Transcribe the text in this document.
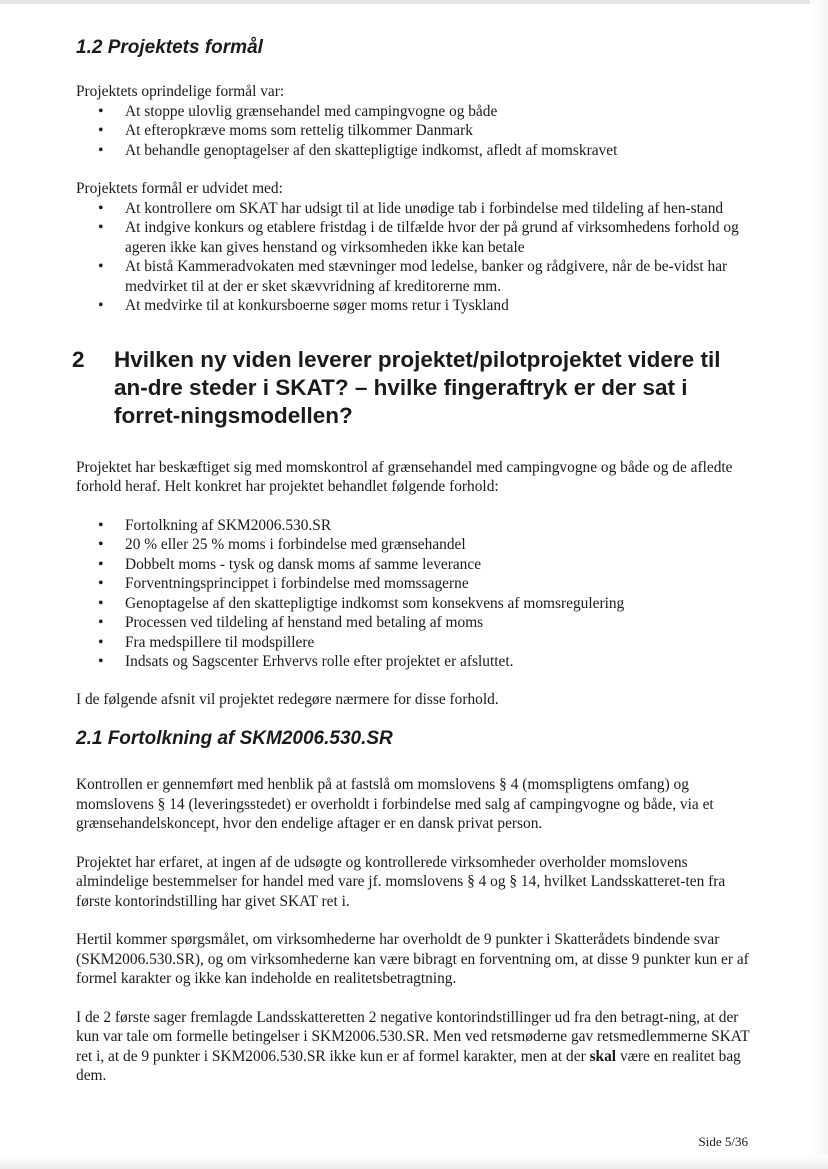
1.2 Projektets formål

Projektets oprindelige formål var:

• At stoppe ulovlig grænsehandel med campingvogne og både
• At efteropkræve moms som rettelig tilkommer Danmark
• At behandle genoptagelser af den skattepligtige indkomst, afledt af momskravet

Projektets formål er udvidet med:

• At kontrollere om SKAT har udsigt til at lide unødige tab i forbindelse med tildeling af hen-stand
• At indgive konkurs og etablere fristdag i de tilfælde hvor der på grund af virksomhedens forhold og ageren ikke kan gives henstand og virksomheden ikke kan betale
• At bistå Kammeradvokaten med stævninger mod ledelse, banker og rådgivere, når de be-vidst har medvirket til at der er sket skævvridning af kreditorerne mm.
• At medvirke til at konkursboerne søger moms retur i Tyskland
2	Hvilken ny viden leverer projektet/pilotprojektet videre til an-dre steder i SKAT? – hvilke fingeraftryk er der sat i forret-ningsmodellen?

Projektet har beskæftiget sig med momskontrol af grænsehandel med campingvogne og både og de afledte forhold heraf. Helt konkret har projektet behandlet følgende forhold:

• Fortolkning af SKM2006.530.SR
• 20 % eller 25 % moms i forbindelse med grænsehandel
• Dobbelt moms - tysk og dansk moms af samme leverance
• Forventningsprincippet i forbindelse med momssagerne
• Genoptagelse af den skattepligtige indkomst som konsekvens af momsregulering
• Processen ved tildeling af henstand med betaling af moms
• Fra medspillere til modspillere
• Indsats og Sagscenter Erhvervs rolle efter projektet er afsluttet.

I de følgende afsnit vil projektet redegøre nærmere for disse forhold.

2.1 Fortolkning af SKM2006.530.SR

Kontrollen er gennemført med henblik på at fastslå om momslovens § 4 (momspligtens omfang) og momslovens § 14 (leveringsstedet) er overholdt i forbindelse med salg af campingvogne og både, via et grænsehandelskoncept, hvor den endelige aftager er en dansk privat person.

Projektet har erfaret, at ingen af de udsøgte og kontrollerede virksomheder overholder momslovens almindelige bestemmelser for handel med vare jf. momslovens § 4 og § 14, hvilket Landsskatteret-ten fra første kontorindstilling har givet SKAT ret i.

Hertil kommer spørgsmålet, om virksomhederne har overholdt de 9 punkter i Skatterådets bindende svar (SKM2006.530.SR), og om virksomhederne kan være bibragt en forventning om, at disse 9 punkter kun er af formel karakter og ikke kan indeholde en realitetsbetragtning.

I de 2 første sager fremlagde Landsskatteretten 2 negative kontorindstillinger ud fra den betragt-ning, at der kun var tale om formelle betingelser i SKM2006.530.SR. Men ved retsmøderne gav retsmedlemmerne SKAT ret i, at de 9 punkter i SKM2006.530.SR ikke kun er af formel karakter, men at der skal være en realitet bag dem.

Side 5/36
